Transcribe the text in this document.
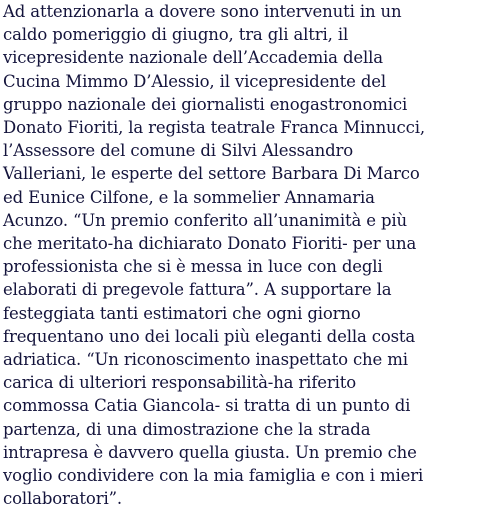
Ad attenzionarla a dovere sono intervenuti in un
caldo pomeriggio di giugno, tra gli altri, il
vicepresidente nazionale dell’Accademia della
Cucina Mimmo D’Alessio, il vicepresidente del
gruppo nazionale dei giornalisti enogastronomici
Donato Fioriti, la regista teatrale Franca Minnucci,
l’Assessore del comune di Silvi Alessandro
Valleriani, le esperte del settore Barbara Di Marco
ed Eunice Cilfone, e la sommelier Annamaria
Acunzo. “Un premio conferito all’unanimità e più
che meritato-ha dichiarato Donato Fioriti- per una
professionista che si è messa in luce con degli
elaborati di pregevole fattura”. A supportare la
festeggiata tanti estimatori che ogni giorno
frequentano uno dei locali più eleganti della costa
adriatica. “Un riconoscimento inaspettato che mi
carica di ulteriori responsabilità-ha riferito
commossa Catia Giancola- si tratta di un punto di
partenza, di una dimostrazione che la strada
intrapresa è davvero quella giusta. Un premio che
voglio condividere con la mia famiglia e con i mieri
collaboratori”.
